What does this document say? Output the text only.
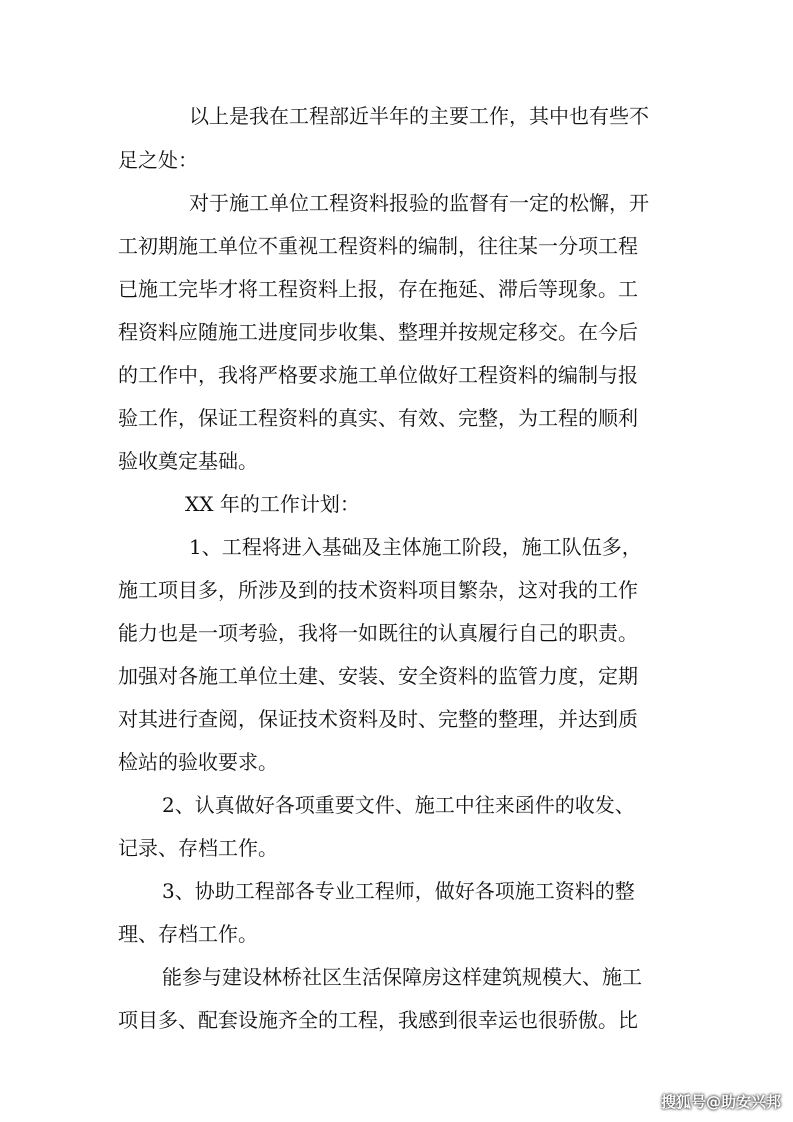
以上是我在工程部近半年的主要工作，其中也有些不
足之处：
对于施工单位工程资料报验的监督有一定的松懈，开
工初期施工单位不重视工程资料的编制，往往某一分项工程
已施工完毕才将工程资料上报，存在拖延、滞后等现象。工
程资料应随施工进度同步收集、整理并按规定移交。在今后
的工作中，我将严格要求施工单位做好工程资料的编制与报
验工作，保证工程资料的真实、有效、完整，为工程的顺利
验收奠定基础。
XX 年的工作计划：
1、工程将进入基础及主体施工阶段，施工队伍多，
施工项目多，所涉及到的技术资料项目繁杂，这对我的工作
能力也是一项考验，我将一如既往的认真履行自己的职责。
加强对各施工单位土建、安装、安全资料的监管力度，定期
对其进行查阅，保证技术资料及时、完整的整理，并达到质
检站的验收要求。
2、认真做好各项重要文件、施工中往来函件的收发、
记录、存档工作。
3、协助工程部各专业工程师，做好各项施工资料的整
理、存档工作。
能参与建设林桥社区生活保障房这样建筑规模大、施工
项目多、配套设施齐全的工程，我感到很幸运也很骄傲。比
搜狐号@助安兴邦
